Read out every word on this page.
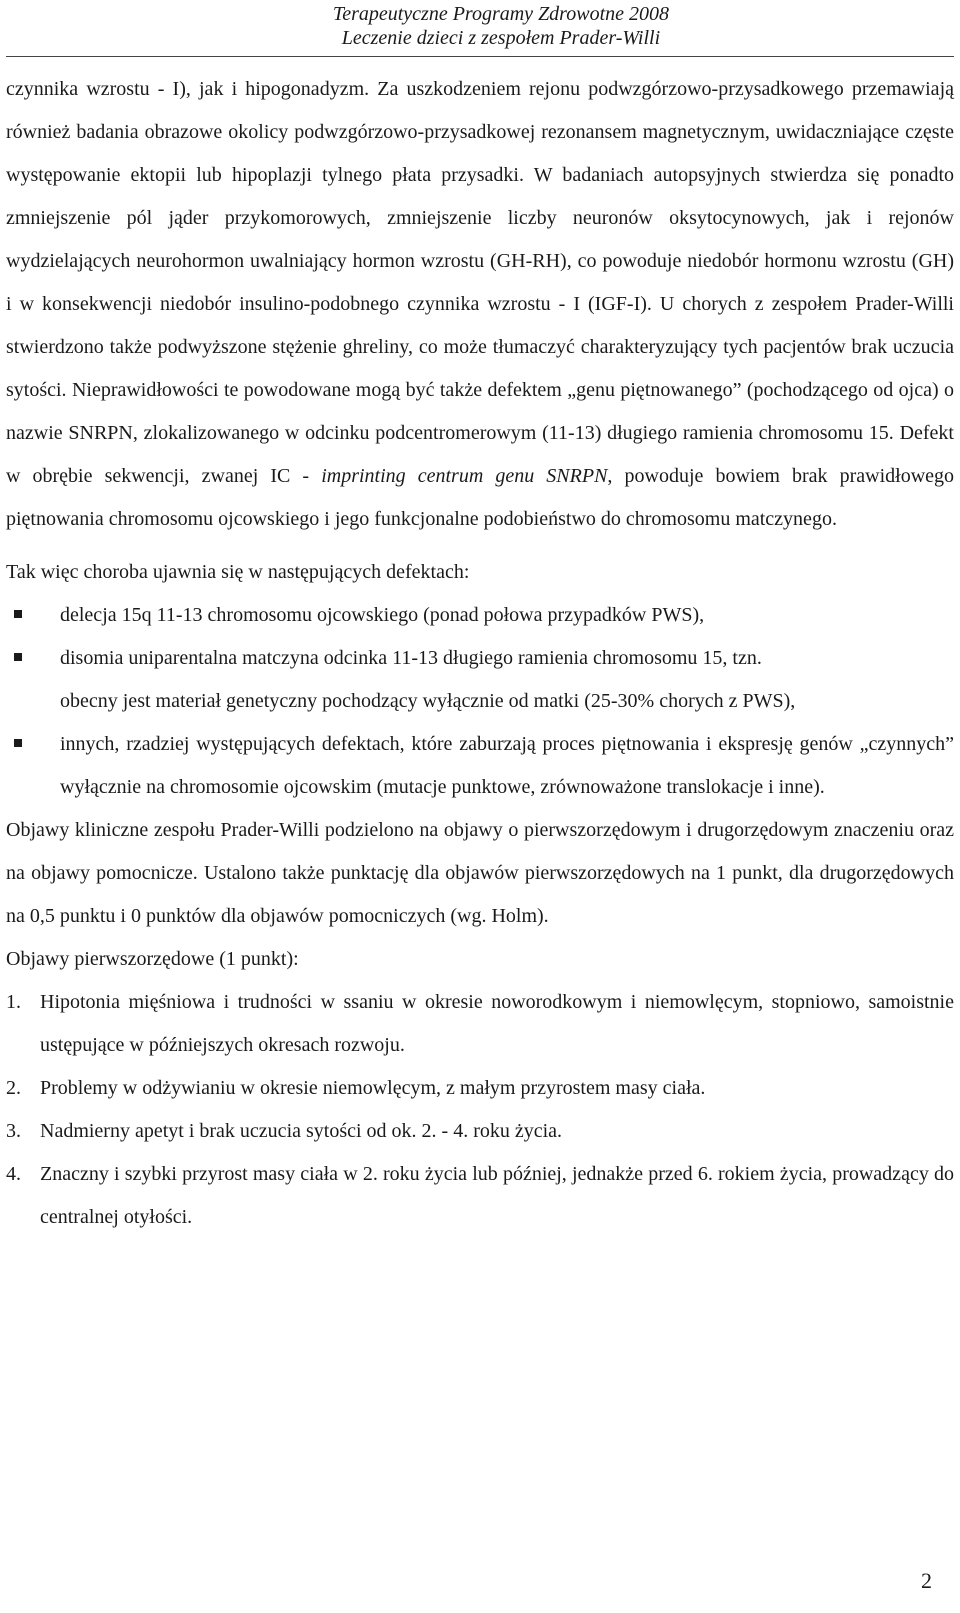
Terapeutyczne Programy Zdrowotne 2008
Leczenie dzieci z zespołem Prader-Willi

czynnika wzrostu - I), jak i hipogonadyzm. Za uszkodzeniem rejonu podwzgórzowo-przysadkowego przemawiają również badania obrazowe okolicy podwzgórzowo-przysadkowej rezonansem magnetycznym, uwidaczniające częste występowanie ektopii lub hipoplazji tylnego płata przysadki. W badaniach autopsyjnych stwierdza się ponadto zmniejszenie pól jąder przykomorowych, zmniejszenie liczby neuronów oksytocynowych, jak i rejonów wydzielających neurohormon uwalniający hormon wzrostu (GH-RH), co powoduje niedobór hormonu wzrostu (GH) i w konsekwencji niedobór insulino-podobnego czynnika wzrostu - I (IGF-I). U chorych z zespołem Prader-Willi stwierdzono także podwyższone stężenie ghreliny, co może tłumaczyć charakteryzujący tych pacjentów brak uczucia sytości. Nieprawidłowości te powodowane mogą być także defektem „genu piętnowanego” (pochodzącego od ojca) o nazwie SNRPN, zlokalizowanego w odcinku podcentromerowym (11-13) długiego ramienia chromosomu 15. Defekt w obrębie sekwencji, zwanej IC - imprinting centrum genu SNRPN, powoduje bowiem brak prawidłowego piętnowania chromosomu ojcowskiego i jego funkcjonalne podobieństwo do chromosomu matczynego.

Tak więc choroba ujawnia się w następujących defektach:

delecja 15q 11-13 chromosomu ojcowskiego (ponad połowa przypadków PWS),
disomia uniparentalna matczyna odcinka 11-13 długiego ramienia chromosomu 15, tzn.
obecny jest materiał genetyczny pochodzący wyłącznie od matki (25-30% chorych z PWS),
innych, rzadziej występujących defektach, które zaburzają proces piętnowania i ekspresję genów „czynnych” wyłącznie na chromosomie ojcowskim (mutacje punktowe, zrównoważone translokacje i inne).

Objawy kliniczne zespołu Prader-Willi podzielono na objawy o pierwszorzędowym i drugorzędowym znaczeniu oraz na objawy pomocnicze. Ustalono także punktację dla objawów pierwszorzędowych na 1 punkt, dla drugorzędowych na 0,5 punktu i 0 punktów dla objawów pomocniczych (wg. Holm).

Objawy pierwszorzędowe (1 punkt):

1. Hipotonia mięśniowa i trudności w ssaniu w okresie noworodkowym i niemowlęcym, stopniowo, samoistnie ustępujące w późniejszych okresach rozwoju.
2. Problemy w odżywianiu w okresie niemowlęcym, z małym przyrostem masy ciała.
3. Nadmierny apetyt i brak uczucia sytości od ok. 2. - 4. roku życia.
4. Znaczny i szybki przyrost masy ciała w 2. roku życia lub później, jednakże przed 6. rokiem życia, prowadzący do centralnej otyłości.
2
